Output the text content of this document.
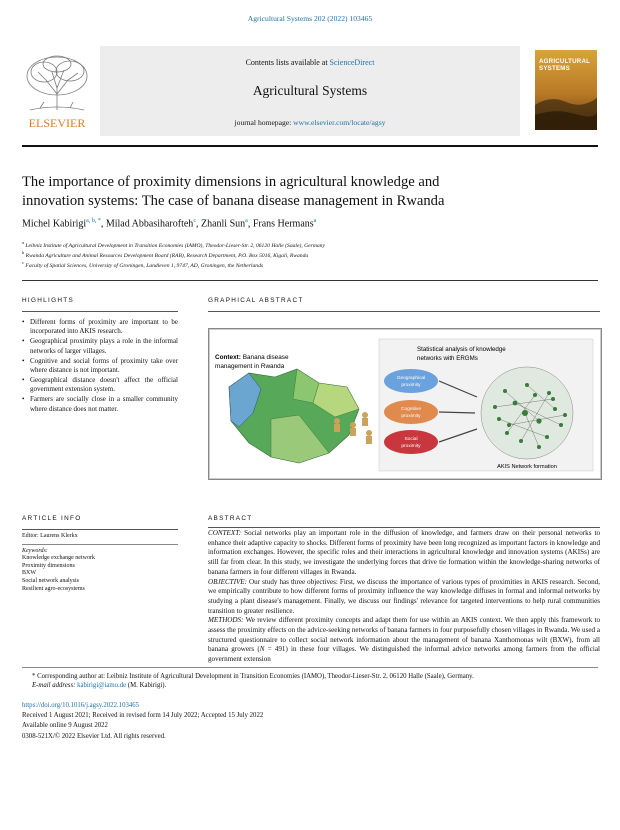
Agricultural Systems 202 (2022) 103465
ELSEVIER
Contents lists available at ScienceDirect
Agricultural Systems
journal homepage: www.elsevier.com/locate/agsy
AGRICULTURAL SYSTEMS
The importance of proximity dimensions in agricultural knowledge and
innovation systems: The case of banana disease management in Rwanda
Michel Kabirigi$^{a, b, *}$, Milad Abbasiharofteh$^c$, Zhanli Sun$^a$, Frans Hermans$^a$
$^a$ Leibniz Institute of Agricultural Development in Transition Economies (IAMO), Theodor-Lieser-Str. 2, 06120 Halle (Saale), Germany
$^b$ Rwanda Agriculture and Animal Resources Development Board (RAB), Research Department, P.O. Box 5016, Kigali, Rwanda
$^c$ Faculty of Spatial Sciences, University of Groningen, Landleven 1, 9747, AD, Groningen, the Netherlands
HIGHLIGHTS
• Different forms of proximity are important to be incorporated into AKIS research.
• Geographical proximity plays a role in the informal networks of larger villages.
• Cognitive and social forms of proximity take over where distance is not important.
• Geographical distance doesn't affect the official government extension system.
• Farmers are socially close in a smaller community where distance does not matter.
GRAPHICAL ABSTRACT
Context: Banana disease
management in Rwanda
Statistical analysis of knowledge
networks with ERGMs
Geographical
proximity
Cognitive
proximity
Social
proximity
AKIS Network formation
ARTICLE INFO
Editor: Laurens Klerkx
Keywords:
Knowledge exchange network
Proximity dimensions
BXW
Social network analysis
Resilient agro-ecosystems
ABSTRACT

CONTEXT: Social networks play an important role in the diffusion of knowledge, and farmers draw on their personal networks to enhance their adaptive capacity to shocks. Different forms of proximity have been long recognized as important factors in knowledge and information exchanges. However, the specific roles and their interactions in agricultural knowledge and innovation systems (AKISs) are still far from clear. In this study, we investigate the underlying forces that drive tie formation within the knowledge-sharing networks of banana farmers in four different villages in Rwanda.

OBJECTIVE: Our study has three objectives: First, we discuss the importance of various types of proximities in AKIS research. Second, we empirically contribute to how different forms of proximity influence the way knowledge diffuses in formal and informal networks by studying a plant disease's management. Finally, we discuss our findings' relevance for targeted interventions to help rural communities transition to greater resilience.

METHODS: We review different proximity concepts and adapt them for use within an AKIS context. We then apply this framework to assess the proximity effects on the advice-seeking networks of banana farmers in four purposefully chosen villages in Rwanda. We used a structured questionnaire to collect social network information about the management of banana Xanthomonas wilt (BXW), from all banana growers (N = 491) in these four villages. We distinguished the informal advice networks among farmers from the official government extension

* Corresponding author at: Leibniz Institute of Agricultural Development in Transition Economies (IAMO), Theodor-Lieser-Str. 2, 06120 Halle (Saale), Germany.
E-mail address: kabirigi@iamo.de (M. Kabirigi).
https://doi.org/10.1016/j.agsy.2022.103465
Received 1 August 2021; Received in revised form 14 July 2022; Accepted 15 July 2022
Available online 9 August 2022
0308-521X/© 2022 Elsevier Ltd. All rights reserved.
